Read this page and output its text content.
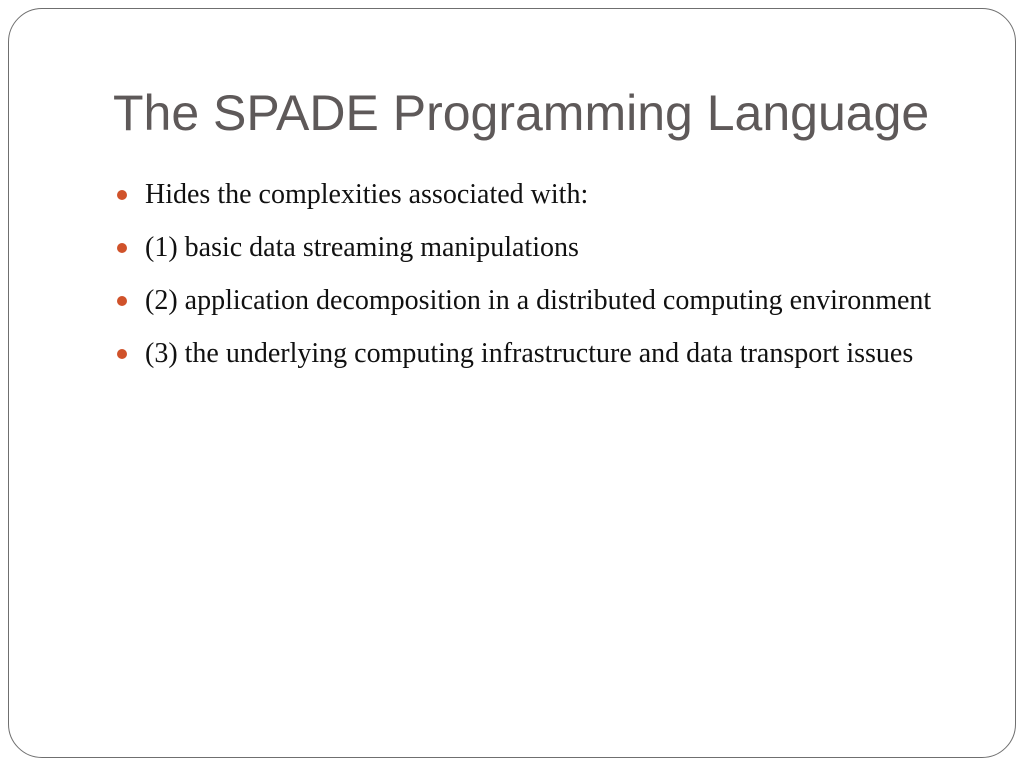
The SPADE Programming Language
Hides the complexities associated with:
(1) basic data streaming manipulations
(2) application decomposition in a distributed computing environment
(3) the underlying computing infrastructure and data transport issues
